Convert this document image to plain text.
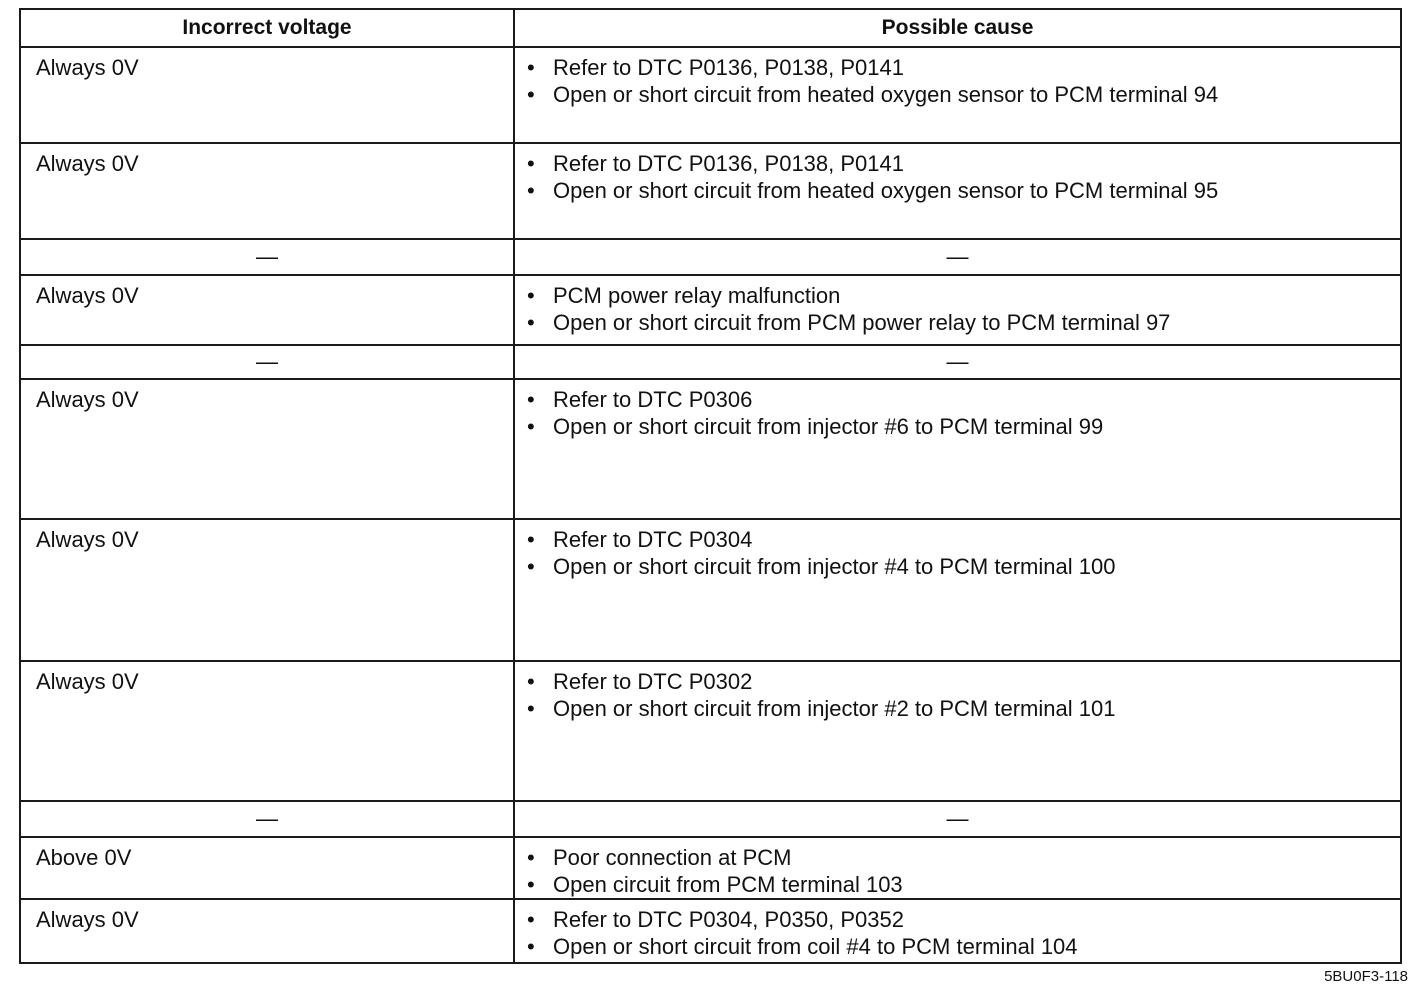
Incorrect voltage	Possible cause
Always 0V	• Refer to DTC P0136, P0138, P0141
• Open or short circuit from heated oxygen sensor to PCM terminal 94

Always 0V	• Refer to DTC P0136, P0138, P0141
• Open or short circuit from heated oxygen sensor to PCM terminal 95

—	—
Always 0V	• PCM power relay malfunction
• Open or short circuit from PCM power relay to PCM terminal 97

—	—
Always 0V	• Refer to DTC P0306
• Open or short circuit from injector #6 to PCM terminal 99

Always 0V	• Refer to DTC P0304
• Open or short circuit from injector #4 to PCM terminal 100

Always 0V	• Refer to DTC P0302
• Open or short circuit from injector #2 to PCM terminal 101

—	—
Above 0V	• Poor connection at PCM
• Open circuit from PCM terminal 103

Always 0V	• Refer to DTC P0304, P0350, P0352
• Open or short circuit from coil #4 to PCM terminal 104
5BU0F3-118
